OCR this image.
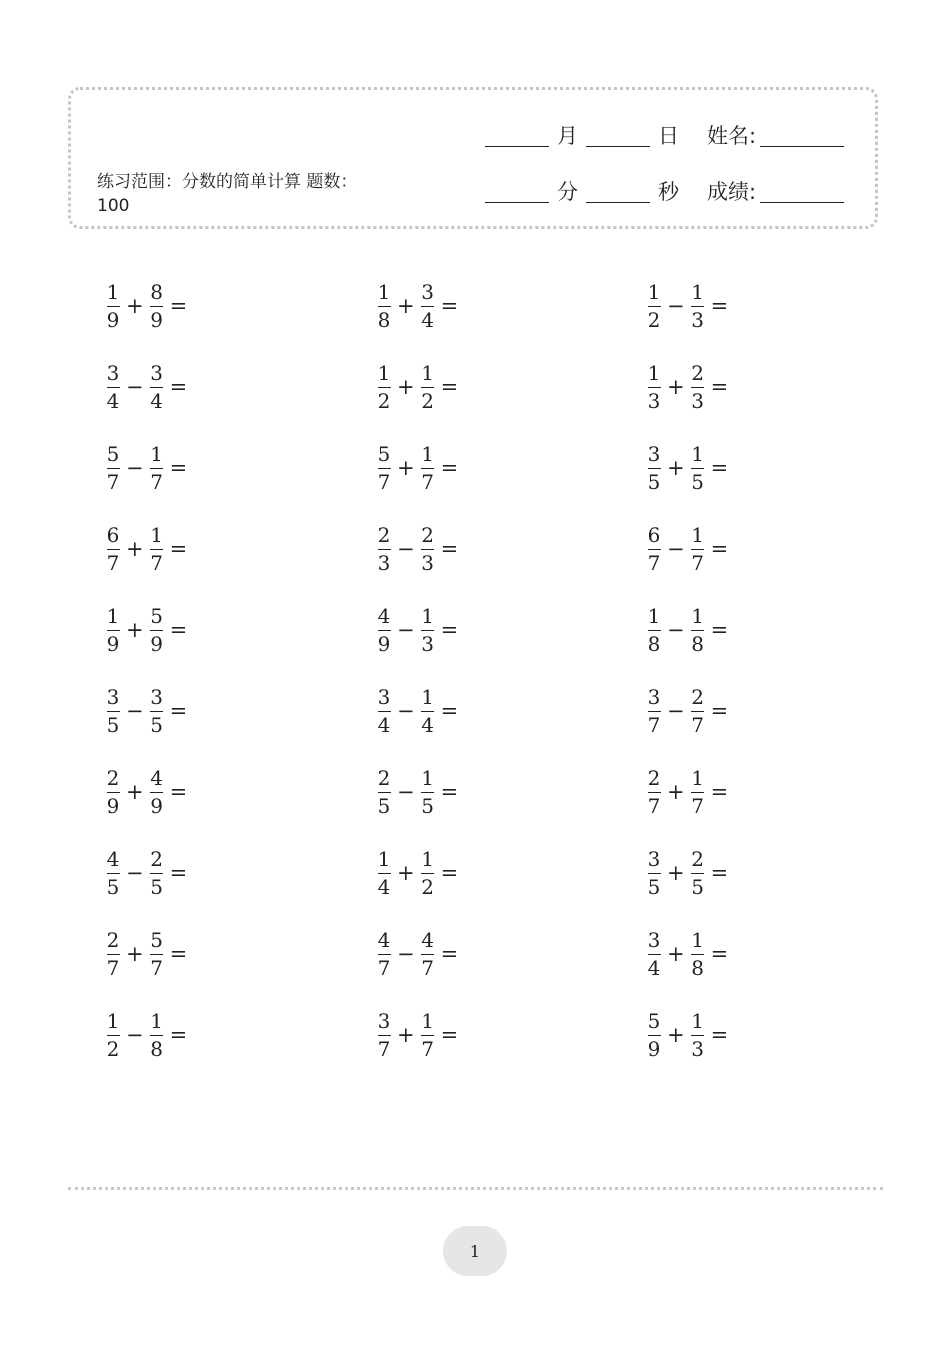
练习范围：分数的简单计算 题数：100
月	日 姓名:
分	秒 成绩:
$\frac{1}{9} + \frac{8}{9}$ =	$\frac{1}{8} + \frac{3}{4}$ =	$\frac{1}{2} - \frac{1}{3}$ =
$\frac{3}{4} - \frac{3}{4}$ =	$\frac{1}{2} + \frac{1}{2}$ =	$\frac{1}{3} + \frac{2}{3}$ =
$\frac{5}{7} - \frac{1}{7}$ =	$\frac{5}{7} + \frac{1}{7}$ =	$\frac{3}{5} + \frac{1}{5}$ =
$\frac{6}{7} + \frac{1}{7}$ =	$\frac{2}{3} - \frac{2}{3}$ =	$\frac{6}{7} - \frac{1}{7}$ =
$\frac{1}{9} + \frac{5}{9}$ =	$\frac{4}{9} - \frac{1}{3}$ =	$\frac{1}{8} - \frac{1}{8}$ =
$\frac{3}{5} - \frac{3}{5}$ =	$\frac{3}{4} - \frac{1}{4}$ =	$\frac{3}{7} - \frac{2}{7}$ =
$\frac{2}{9} + \frac{4}{9}$ =	$\frac{2}{5} - \frac{1}{5}$ =	$\frac{2}{7} + \frac{1}{7}$ =
$\frac{4}{5} - \frac{2}{5}$ =	$\frac{1}{4} + \frac{1}{2}$ =	$\frac{3}{5} + \frac{2}{5}$ =
$\frac{2}{7} + \frac{5}{7}$ =	$\frac{4}{7} - \frac{4}{7}$ =	$\frac{3}{4} + \frac{1}{8}$ =
$\frac{1}{2} - \frac{1}{8}$ =	$\frac{3}{7} + \frac{1}{7}$ =	$\frac{5}{9} + \frac{1}{3}$ =
1
